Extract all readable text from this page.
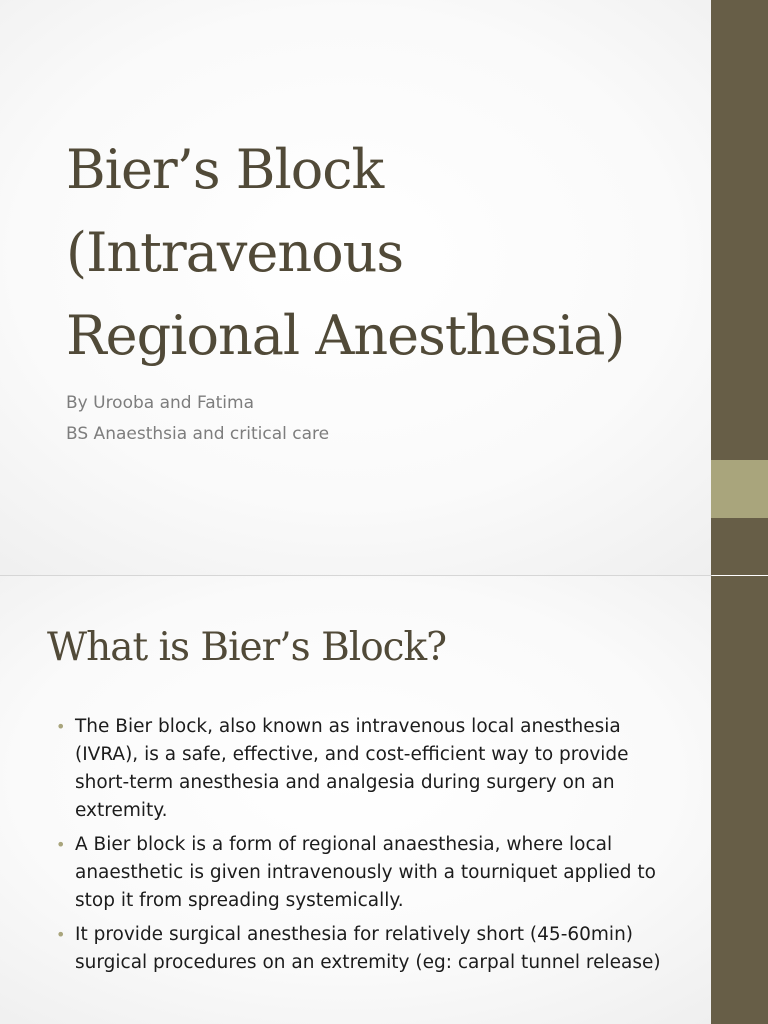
Bier’s Block
(Intravenous
Regional Anesthesia)
By Urooba and Fatima
BS Anaesthsia and critical care
What is Bier’s Block?
• The Bier block, also known as intravenous local anesthesia (IVRA), is a safe, effective, and cost-efficient way to provide short-term anesthesia and analgesia during surgery on an extremity.
• A Bier block is a form of regional anaesthesia, where local anaesthetic is given intravenously with a tourniquet applied to stop it from spreading systemically.
• It provide surgical anesthesia for relatively short (45-60min) surgical procedures on an extremity (eg: carpal tunnel release)
